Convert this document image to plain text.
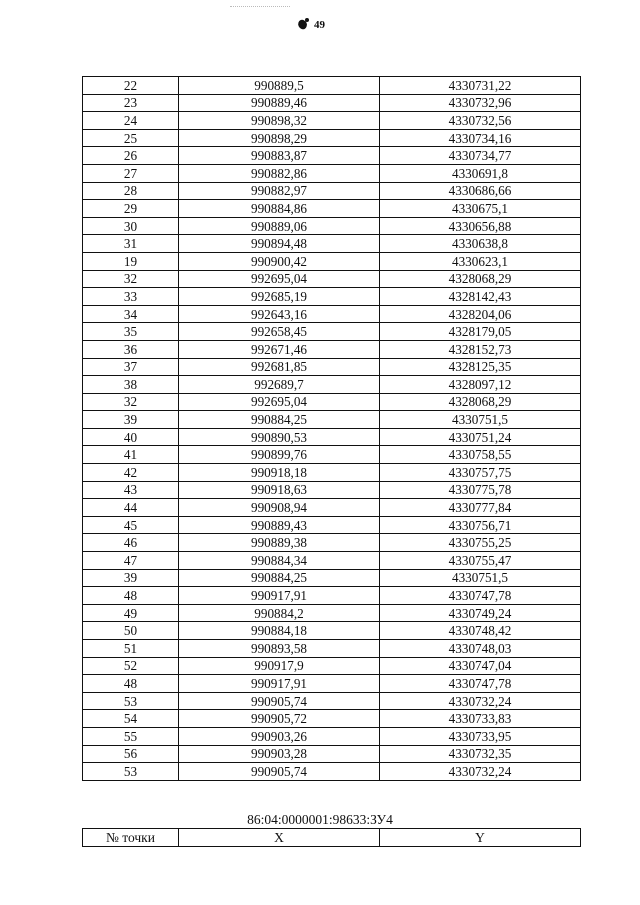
49
22	990889,5	4330731,22
23	990889,46	4330732,96
24	990898,32	4330732,56
25	990898,29	4330734,16
26	990883,87	4330734,77
27	990882,86	4330691,8
28	990882,97	4330686,66
29	990884,86	4330675,1
30	990889,06	4330656,88
31	990894,48	4330638,8
19	990900,42	4330623,1
32	992695,04	4328068,29
33	992685,19	4328142,43
34	992643,16	4328204,06
35	992658,45	4328179,05
36	992671,46	4328152,73
37	992681,85	4328125,35
38	992689,7	4328097,12
32	992695,04	4328068,29
39	990884,25	4330751,5
40	990890,53	4330751,24
41	990899,76	4330758,55
42	990918,18	4330757,75
43	990918,63	4330775,78
44	990908,94	4330777,84
45	990889,43	4330756,71
46	990889,38	4330755,25
47	990884,34	4330755,47
39	990884,25	4330751,5
48	990917,91	4330747,78
49	990884,2	4330749,24
50	990884,18	4330748,42
51	990893,58	4330748,03
52	990917,9	4330747,04
48	990917,91	4330747,78
53	990905,74	4330732,24
54	990905,72	4330733,83
55	990903,26	4330733,95
56	990903,28	4330732,35
53	990905,74	4330732,24
86:04:0000001:98633:ЗУ4
№ точки	X	Y
